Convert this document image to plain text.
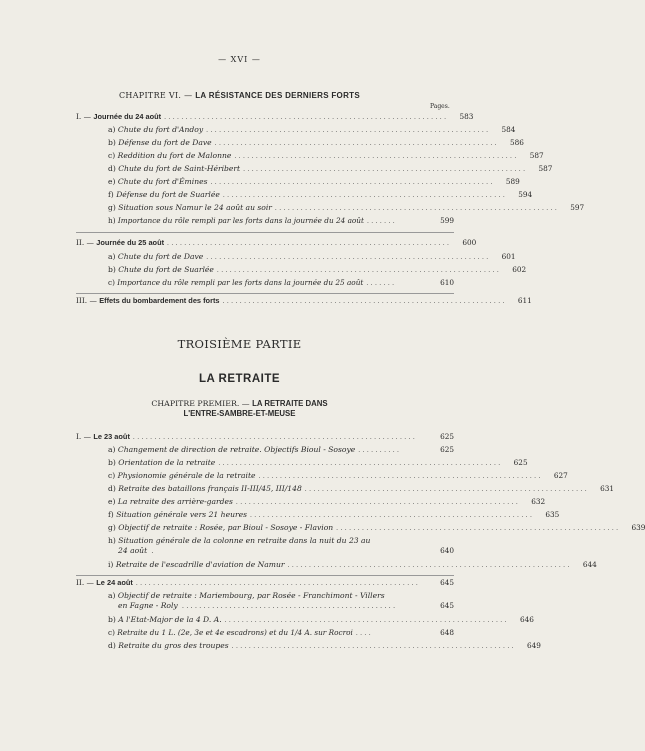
— XVI —
CHAPITRE VI. — LA RÉSISTANCE DES DERNIERS FORTS
Pages.
I. — Journée du 24 août ..................................................................	583
a) Chute du fort d'Andoy ..................................................................	584
b) Défense du fort de Dave ..................................................................	586
c) Reddition du fort de Malonne ..................................................................	587
d) Chute du fort de Saint-Héribert ..................................................................	587
e) Chute du fort d'Émines ..................................................................	589
f) Défense du fort de Suarlée ..................................................................	594
g) Situation sous Namur le 24 août au soir ..................................................................	597
h) Importance du rôle rempli par les forts dans la journée du 24 août .......	599
II. — Journée du 25 août ..................................................................	600
a) Chute du fort de Dave ..................................................................	601
b) Chute du fort de Suarlée ..................................................................	602
c) Importance du rôle rempli par les forts dans la journée du 25 août .......	610
III. — Effets du bombardement des forts ..................................................................	611
TROISIÈME PARTIE
LA RETRAITE
CHAPITRE PREMIER. — LA RETRAITE DANS
L'ENTRE-SAMBRE-ET-MEUSE
I. — Le 23 août ..................................................................	625
a) Changement de direction de retraite. Objectifs Bioul - Sosoye ..........	625
b) Orientation de la retraite ..................................................................	625
c) Physionomie générale de la retraite ..................................................................	627
d) Retraite des bataillons français II-III/45, III/148 ..................................................................	631
e) La retraite des arrière-gardes ..................................................................	632
f) Situation générale vers 21 heures ..................................................................	635
g) Objectif de retraite : Rosée, par Bioul - Sosoye - Flavion ..................................................................	639
h) Situation générale de la colonne en retraite dans la nuit du 23 au
24 août .	640
i) Retraite de l'escadrille d'aviation de Namur ..................................................................	644
II. — Le 24 août ..................................................................	645
a) Objectif de retraite : Mariembourg, par Rosée - Franchimont - Villers
en Fagne - Roly ..................................................	645
b) A l'Etat-Major de la 4 D. A. ..................................................................	646
c) Retraite du 1 L. (2e, 3e et 4e escadrons) et du 1/4 A. sur Rocroi ....	648
d) Retraite du gros des troupes ..................................................................	649
